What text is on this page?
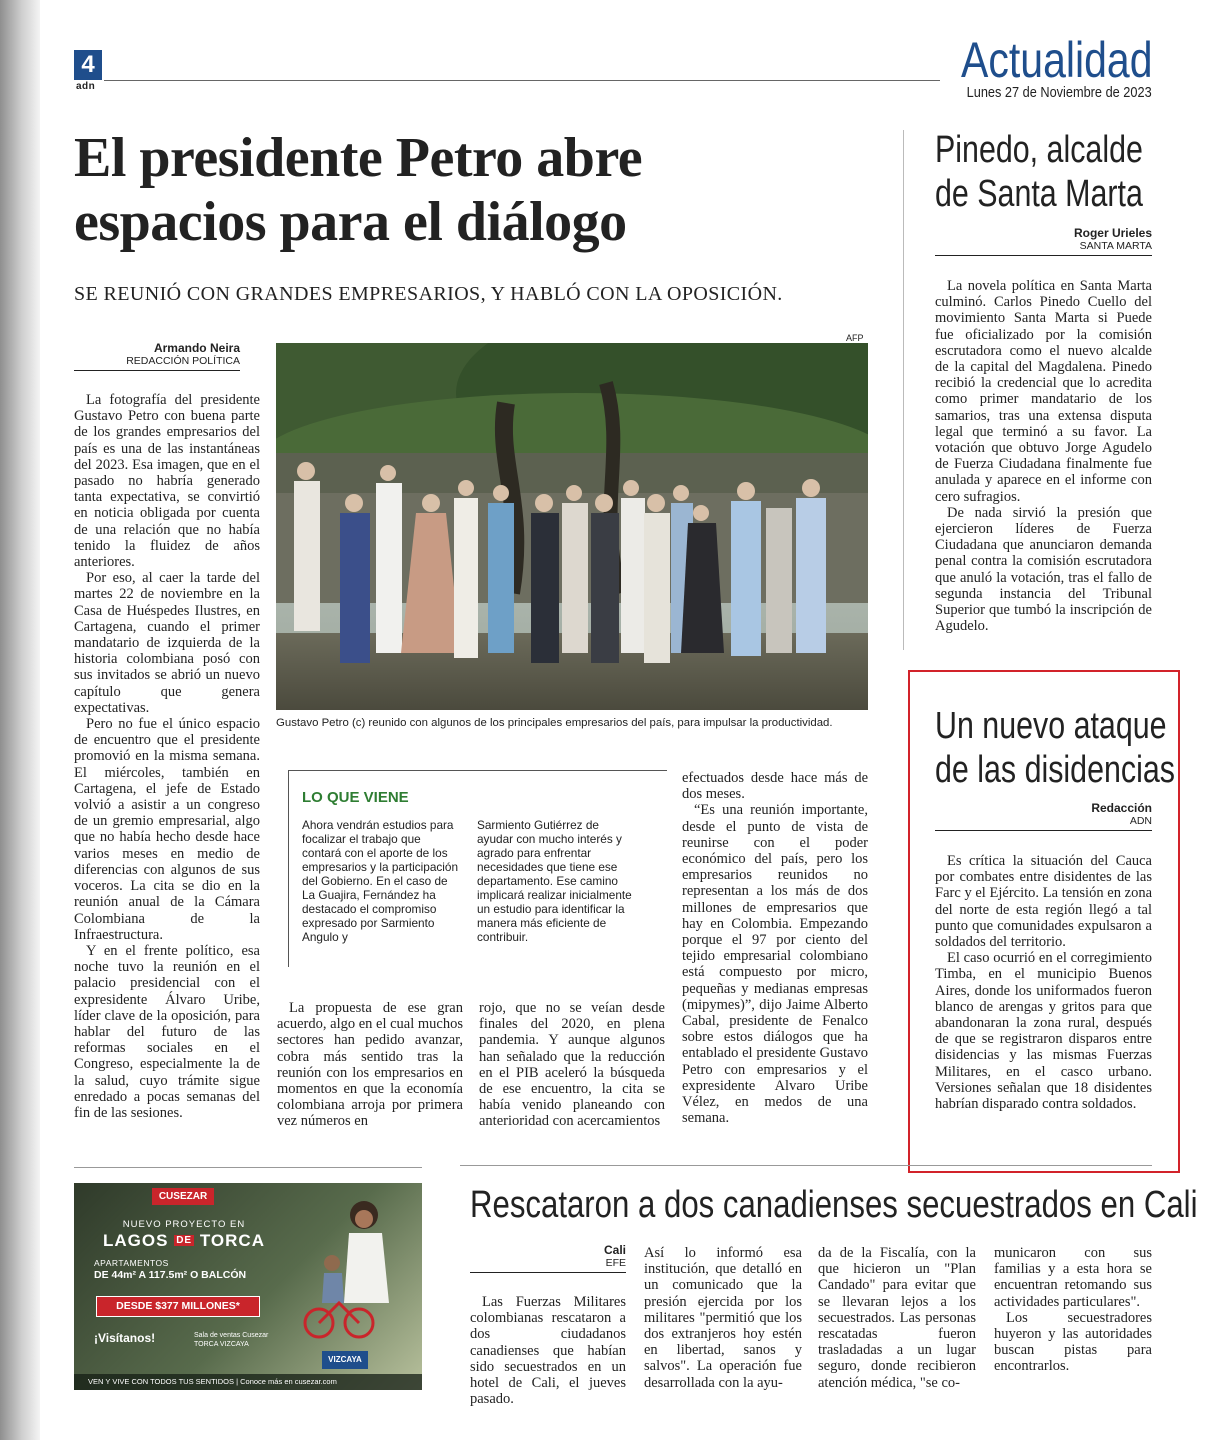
4
adn	Actualidad
Lunes 27 de Noviembre de 2023
El presidente Petro abre
espacios para el diálogo
SE REUNIÓ CON GRANDES EMPRESARIOS, Y HABLÓ CON LA OPOSICIÓN.
Armando Neira
REDACCIÓN POLÍTICA

La fotografía del presidente Gustavo Petro con buena parte de los grandes empresarios del país es una de las instantáneas del 2023. Esa imagen, que en el pasado no habría generado tanta expectativa, se convirtió en noticia obligada por cuenta de una relación que no había tenido la fluidez de años anteriores.

Por eso, al caer la tarde del martes 22 de noviembre en la Casa de Huéspedes Ilustres, en Cartagena, cuando el primer mandatario de izquierda de la historia colombiana posó con sus invitados se abrió un nuevo capítulo que genera expectativas.

Pero no fue el único espacio de encuentro que el presidente promovió en la misma semana. El miércoles, también en Cartagena, el jefe de Estado volvió a asistir a un congreso de un gremio empresarial, algo que no había hecho desde hace varios meses en medio de diferencias con algunos de sus voceros. La cita se dio en la reunión anual de la Cámara Colombiana de la Infraestructura.

Y en el frente político, esa noche tuvo la reunión en el palacio presidencial con el expresidente Álvaro Uribe, líder clave de la oposición, para hablar del futuro de las reformas sociales en el Congreso, especialmente la de la salud, cuyo trámite sigue enredado a pocas semanas del fin de las sesiones.

AFP
Gustavo Petro (c) reunido con algunos de los principales empresarios del país, para impulsar la productividad.
LO QUE VIENE
Ahora vendrán estudios para focalizar el trabajo que contará con el aporte de los empresarios y la participación del Gobierno. En el caso de La Guajira, Fernández ha destacado el compromiso expresado por Sarmiento Angulo y
Sarmiento Gutiérrez de ayudar con mucho interés y agrado para enfrentar necesidades que tiene ese departamento. Ese camino implicará realizar inicialmente un estudio para identificar la manera más eficiente de contribuir.

La propuesta de ese gran acuerdo, algo en el cual muchos sectores han pedido avanzar, cobra más sentido tras la reunión con los empresarios en momentos en que la economía colombiana arroja por primera vez números en

rojo, que no se veían desde finales del 2020, en plena pandemia. Y aunque algunos han señalado que la reducción en el PIB aceleró la búsqueda de ese encuentro, la cita se había venido planeando con anterioridad con acercamientos

efectuados desde hace más de dos meses.

“Es una reunión importante, desde el punto de vista de reunirse con el poder económico del país, pero los empresarios reunidos no representan a los más de dos millones de empresarios que hay en Colombia. Empezando porque el 97 por ciento del tejido empresarial colombiano está compuesto por micro, pequeñas y medianas empresas (mipymes)”, dijo Jaime Alberto Cabal, presidente de Fenalco sobre estos diálogos que ha entablado el presidente Gustavo Petro con empresarios y el expresidente Alvaro Uribe Vélez, en medos de una semana.

Pinedo, alcalde
de Santa Marta
Roger Urieles
SANTA MARTA

La novela política en Santa Marta culminó. Carlos Pinedo Cuello del movimiento Santa Marta si Puede fue oficializado por la comisión escrutadora como el nuevo alcalde de la capital del Magdalena. Pinedo recibió la credencial que lo acredita como primer mandatario de los samarios, tras una extensa disputa legal que terminó a su favor. La votación que obtuvo Jorge Agudelo de Fuerza Ciudadana finalmente fue anulada y aparece en el informe con cero sufragios.

De nada sirvió la presión que ejercieron líderes de Fuerza Ciudadana que anunciaron demanda penal contra la comisión escrutadora que anuló la votación, tras el fallo de segunda instancia del Tribunal Superior que tumbó la inscripción de Agudelo.

Un nuevo ataque
de las disidencias
Redacción
ADN

Es crítica la situación del Cauca por combates entre disidentes de las Farc y el Ejército. La tensión en zona del norte de esta región llegó a tal punto que comunidades expulsaron a soldados del territorio.

El caso ocurrió en el corregimiento Timba, en el municipio Buenos Aires, donde los uniformados fueron blanco de arengas y gritos para que abandonaran la zona rural, después de que se registraron disparos entre disidencias y las mismas Fuerzas Militares, en el casco urbano. Versiones señalan que 18 disidentes habrían disparado contra soldados.

Rescataron a dos canadienses secuestrados en Cali
Cali
EFE

Las Fuerzas Militares colombianas rescataron a dos ciudadanos canadienses que habían sido secuestrados en un hotel de Cali, el jueves pasado.

Así lo informó esa institución, que detalló en un comunicado que la presión ejercida por los militares "permitió que los dos extranjeros hoy estén en libertad, sanos y salvos". La operación fue desarrollada con la ayu-

da de la Fiscalía, con la que hicieron un "Plan Candado" para evitar que se llevaran lejos a los secuestrados. Las personas rescatadas fueron trasladadas a un lugar seguro, donde recibieron atención médica, "se co-

municaron con sus familias y a esta hora se encuentran retomando sus actividades particulares".

Los secuestradores huyeron y las autoridades buscan pistas para encontrarlos.

CUSEZAR
NUEVO PROYECTO EN
LAGOS DE TORCA
APARTAMENTOS
DE 44m² A 117.5m² O BALCÓN
DESDE $377 MILLONES*
¡Visítanos!	Sala de ventas Cusezar TORCA VIZCAYA
VIZCAYA
VEN Y VIVE CON TODOS TUS SENTIDOS | Conoce más en cusezar.com
